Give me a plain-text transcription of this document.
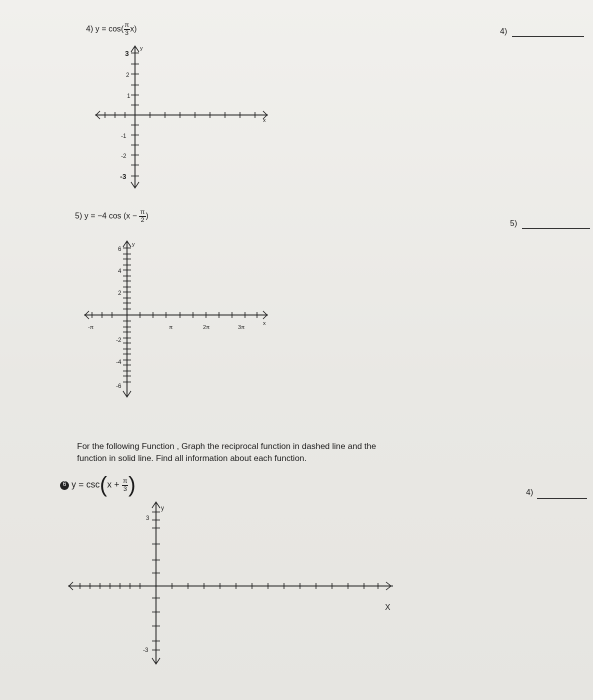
4) $y = \cos( \frac{\pi}{3} x)$	4)
y
x
3
2
1
-1
-2
-3
5) y = −4 $\cos (x - \frac{\pi}{2}$ )
5)
y
x
6
4
2
-2
-4
-6
-π	π	2π	3π
For the following Function , Graph the reciprocal function in dashed line and the
function in solid line. Find all information about each function.
6 $y = \csc(x + \frac{\pi}{3}$ )	4)
y
X
3
-3
